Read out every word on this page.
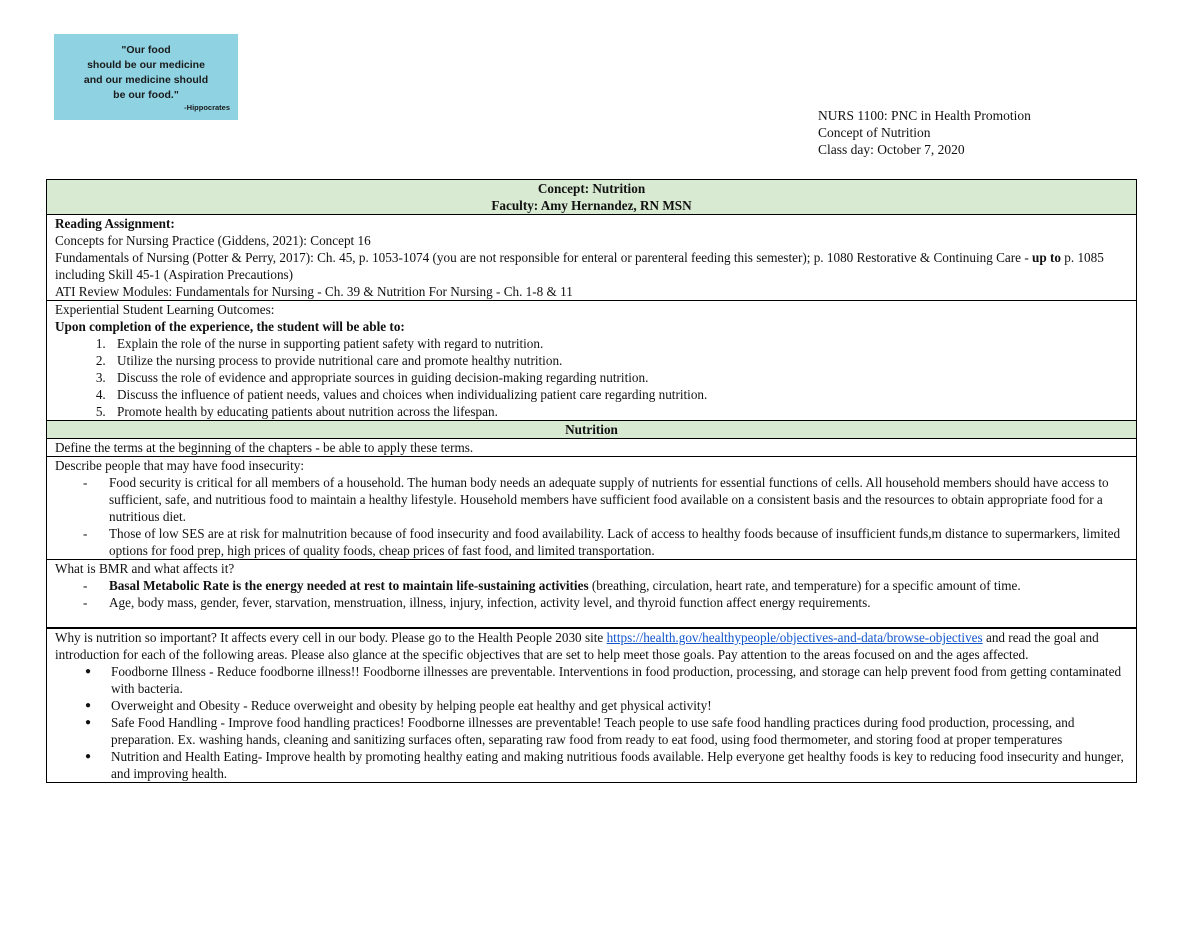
"Our food
should be our medicine
and our medicine should
be our food."
-Hippocrates
NURS 1100: PNC in Health Promotion
Concept of Nutrition
Class day: October 7, 2020
Concept: Nutrition
Faculty: Amy Hernandez, RN MSN
Reading Assignment:
Concepts for Nursing Practice (Giddens, 2021): Concept 16
Fundamentals of Nursing (Potter & Perry, 2017): Ch. 45, p. 1053-1074 (you are not responsible for enteral or parenteral feeding this semester); p. 1080 Restorative & Continuing Care - up to p. 1085 including Skill 45-1 (Aspiration Precautions)
ATI Review Modules: Fundamentals for Nursing - Ch. 39 & Nutrition For Nursing - Ch. 1-8 & 11
Experiential Student Learning Outcomes:
Upon completion of the experience, the student will be able to:
1. Explain the role of the nurse in supporting patient safety with regard to nutrition.
2. Utilize the nursing process to provide nutritional care and promote healthy nutrition.
3. Discuss the role of evidence and appropriate sources in guiding decision-making regarding nutrition.
4. Discuss the influence of patient needs, values and choices when individualizing patient care regarding nutrition.
5. Promote health by educating patients about nutrition across the lifespan.
Nutrition
Define the terms at the beginning of the chapters - be able to apply these terms.
Describe people that may have food insecurity:
- Food security is critical for all members of a household. The human body needs an adequate supply of nutrients for essential functions of cells. All household members should have access to sufficient, safe, and nutritious food to maintain a healthy lifestyle. Household members have sufficient food available on a consistent basis and the resources to obtain appropriate food for a nutritious diet.
- Those of low SES are at risk for malnutrition because of food insecurity and food availability. Lack of access to healthy foods because of insufficient funds,m distance to supermarkers, limited options for food prep, high prices of quality foods, cheap prices of fast food, and limited transportation.
What is BMR and what affects it?
- Basal Metabolic Rate is the energy needed at rest to maintain life-sustaining activities (breathing, circulation, heart rate, and temperature) for a specific amount of time.
- Age, body mass, gender, fever, starvation, menstruation, illness, injury, infection, activity level, and thyroid function affect energy requirements.
Why is nutrition so important? It affects every cell in our body. Please go to the Health People 2030 site https://health.gov/healthypeople/objectives-and-data/browse-objectives and read the goal and introduction for each of the following areas. Please also glance at the specific objectives that are set to help meet those goals. Pay attention to the areas focused on and the ages affected.
● Foodborne Illness - Reduce foodborne illness!! Foodborne illnesses are preventable. Interventions in food production, processing, and storage can help prevent food from getting contaminated with bacteria.
● Overweight and Obesity - Reduce overweight and obesity by helping people eat healthy and get physical activity!
● Safe Food Handling - Improve food handling practices! Foodborne illnesses are preventable! Teach people to use safe food handling practices during food production, processing, and preparation. Ex. washing hands, cleaning and sanitizing surfaces often, separating raw food from ready to eat food, using food thermometer, and storing food at proper temperatures
● Nutrition and Health Eating- Improve health by promoting healthy eating and making nutritious foods available. Help everyone get healthy foods is key to reducing food insecurity and hunger, and improving health.
